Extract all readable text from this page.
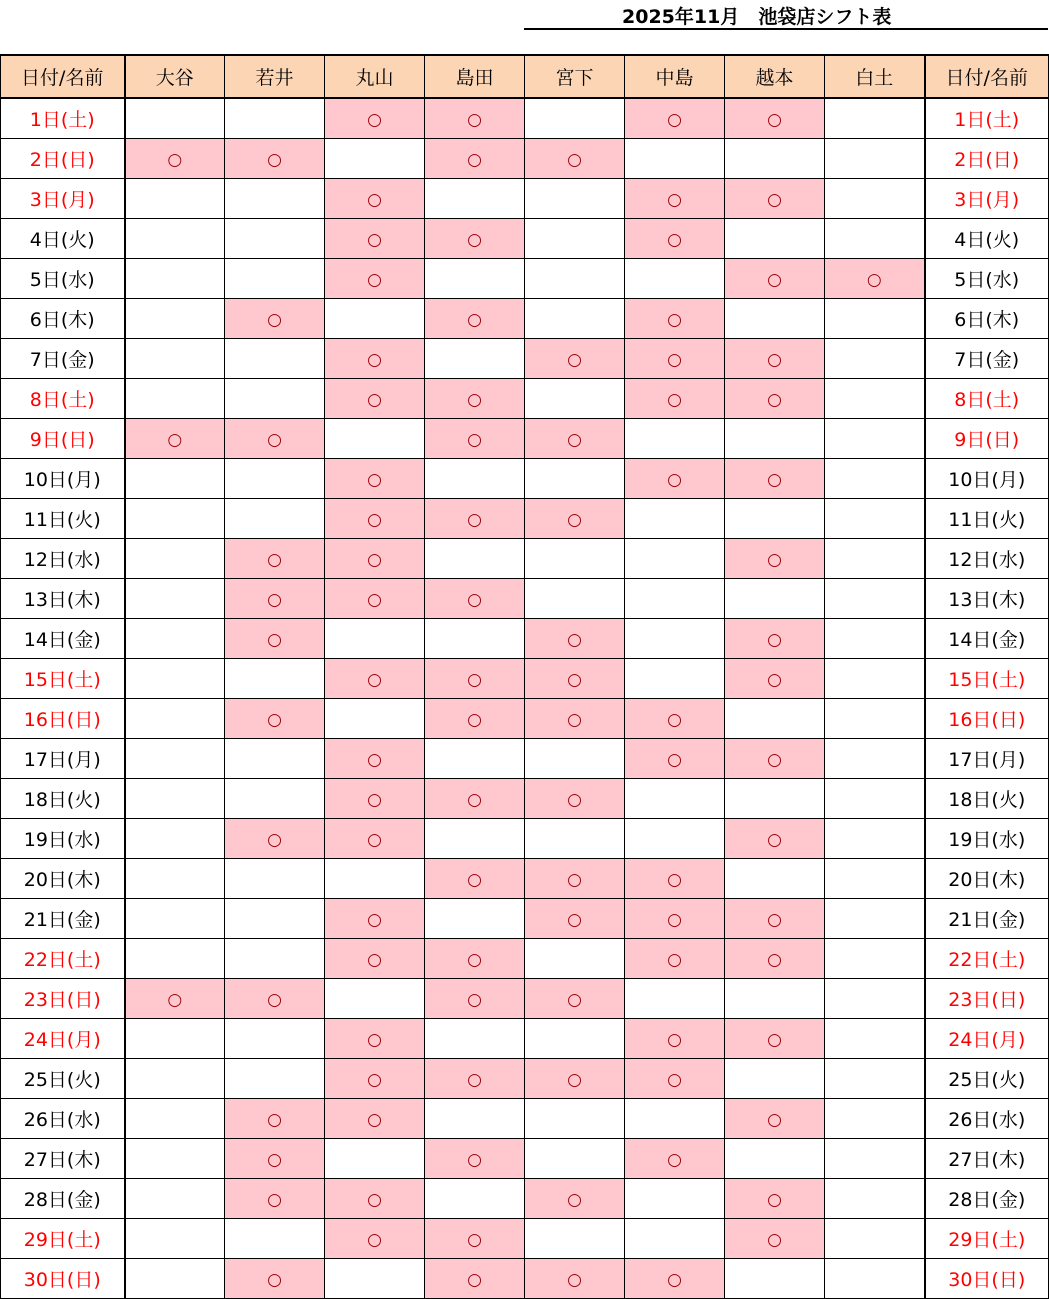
2025年11月　池袋店シフト表
日付/名前	大谷	若井	丸山	島田	宮下	中島	越本	白土	日付/名前
1日(土)			○	○		○	○		1日(土)
2日(日)	○	○		○	○				2日(日)
3日(月)			○			○	○		3日(月)
4日(火)			○	○		○			4日(火)
5日(水)			○				○	○	5日(水)
6日(木)		○		○		○			6日(木)
7日(金)			○		○	○	○		7日(金)
8日(土)			○	○		○	○		8日(土)
9日(日)	○	○		○	○				9日(日)
10日(月)			○			○	○		10日(月)
11日(火)			○	○	○				11日(火)
12日(水)		○	○				○		12日(水)
13日(木)		○	○	○					13日(木)
14日(金)		○			○		○		14日(金)
15日(土)			○	○	○		○		15日(土)
16日(日)		○		○	○	○			16日(日)
17日(月)			○			○	○		17日(月)
18日(火)			○	○	○				18日(火)
19日(水)		○	○				○		19日(水)
20日(木)				○	○	○			20日(木)
21日(金)			○		○	○	○		21日(金)
22日(土)			○	○		○	○		22日(土)
23日(日)	○	○		○	○				23日(日)
24日(月)			○			○	○		24日(月)
25日(火)			○	○	○	○			25日(火)
26日(水)		○	○				○		26日(水)
27日(木)		○		○		○			27日(木)
28日(金)		○	○		○		○		28日(金)
29日(土)			○	○			○		29日(土)
30日(日)		○		○	○	○			30日(日)
